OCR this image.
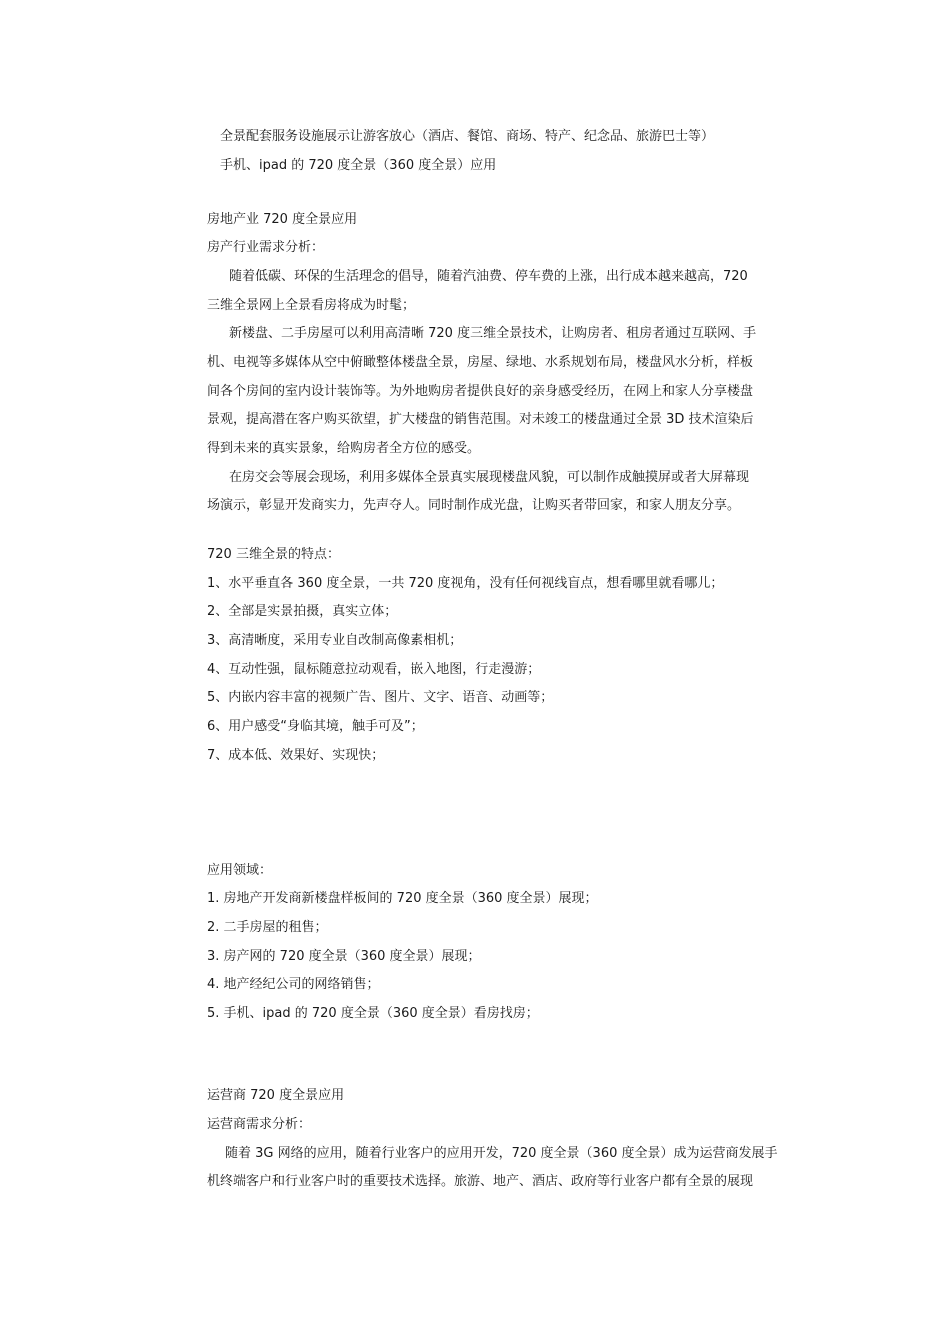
全景配套服务设施展示让游客放心（酒店、餐馆、商场、特产、纪念品、旅游巴士等）
手机、ipad 的 720 度全景（360 度全景）应用
房地产业 720 度全景应用
房产行业需求分析：
随着低碳、环保的生活理念的倡导，随着汽油费、停车费的上涨，出行成本越来越高，720
三维全景网上全景看房将成为时髦；
新楼盘、二手房屋可以利用高清晰 720 度三维全景技术，让购房者、租房者通过互联网、手
机、电视等多媒体从空中俯瞰整体楼盘全景，房屋、绿地、水系规划布局，楼盘风水分析，样板
间各个房间的室内设计装饰等。为外地购房者提供良好的亲身感受经历，在网上和家人分享楼盘
景观，提高潜在客户购买欲望，扩大楼盘的销售范围。对未竣工的楼盘通过全景 3D 技术渲染后
得到未来的真实景象，给购房者全方位的感受。
在房交会等展会现场，利用多媒体全景真实展现楼盘风貌，可以制作成触摸屏或者大屏幕现
场演示，彰显开发商实力，先声夺人。同时制作成光盘，让购买者带回家，和家人朋友分享。
720 三维全景的特点：
1、水平垂直各 360 度全景，一共 720 度视角，没有任何视线盲点，想看哪里就看哪儿；
2、全部是实景拍摄，真实立体；
3、高清晰度，采用专业自改制高像素相机；
4、互动性强，鼠标随意拉动观看，嵌入地图，行走漫游；
5、内嵌内容丰富的视频广告、图片、文字、语音、动画等；
6、用户感受“身临其境，触手可及”；
7、成本低、效果好、实现快；
应用领域：
1. 房地产开发商新楼盘样板间的 720 度全景（360 度全景）展现；
2. 二手房屋的租售；
3. 房产网的 720 度全景（360 度全景）展现；
4. 地产经纪公司的网络销售；
5. 手机、ipad 的 720 度全景（360 度全景）看房找房；
运营商 720 度全景应用
运营商需求分析：
随着 3G 网络的应用，随着行业客户的应用开发，720 度全景（360 度全景）成为运营商发展手
机终端客户和行业客户时的重要技术选择。旅游、地产、酒店、政府等行业客户都有全景的展现
